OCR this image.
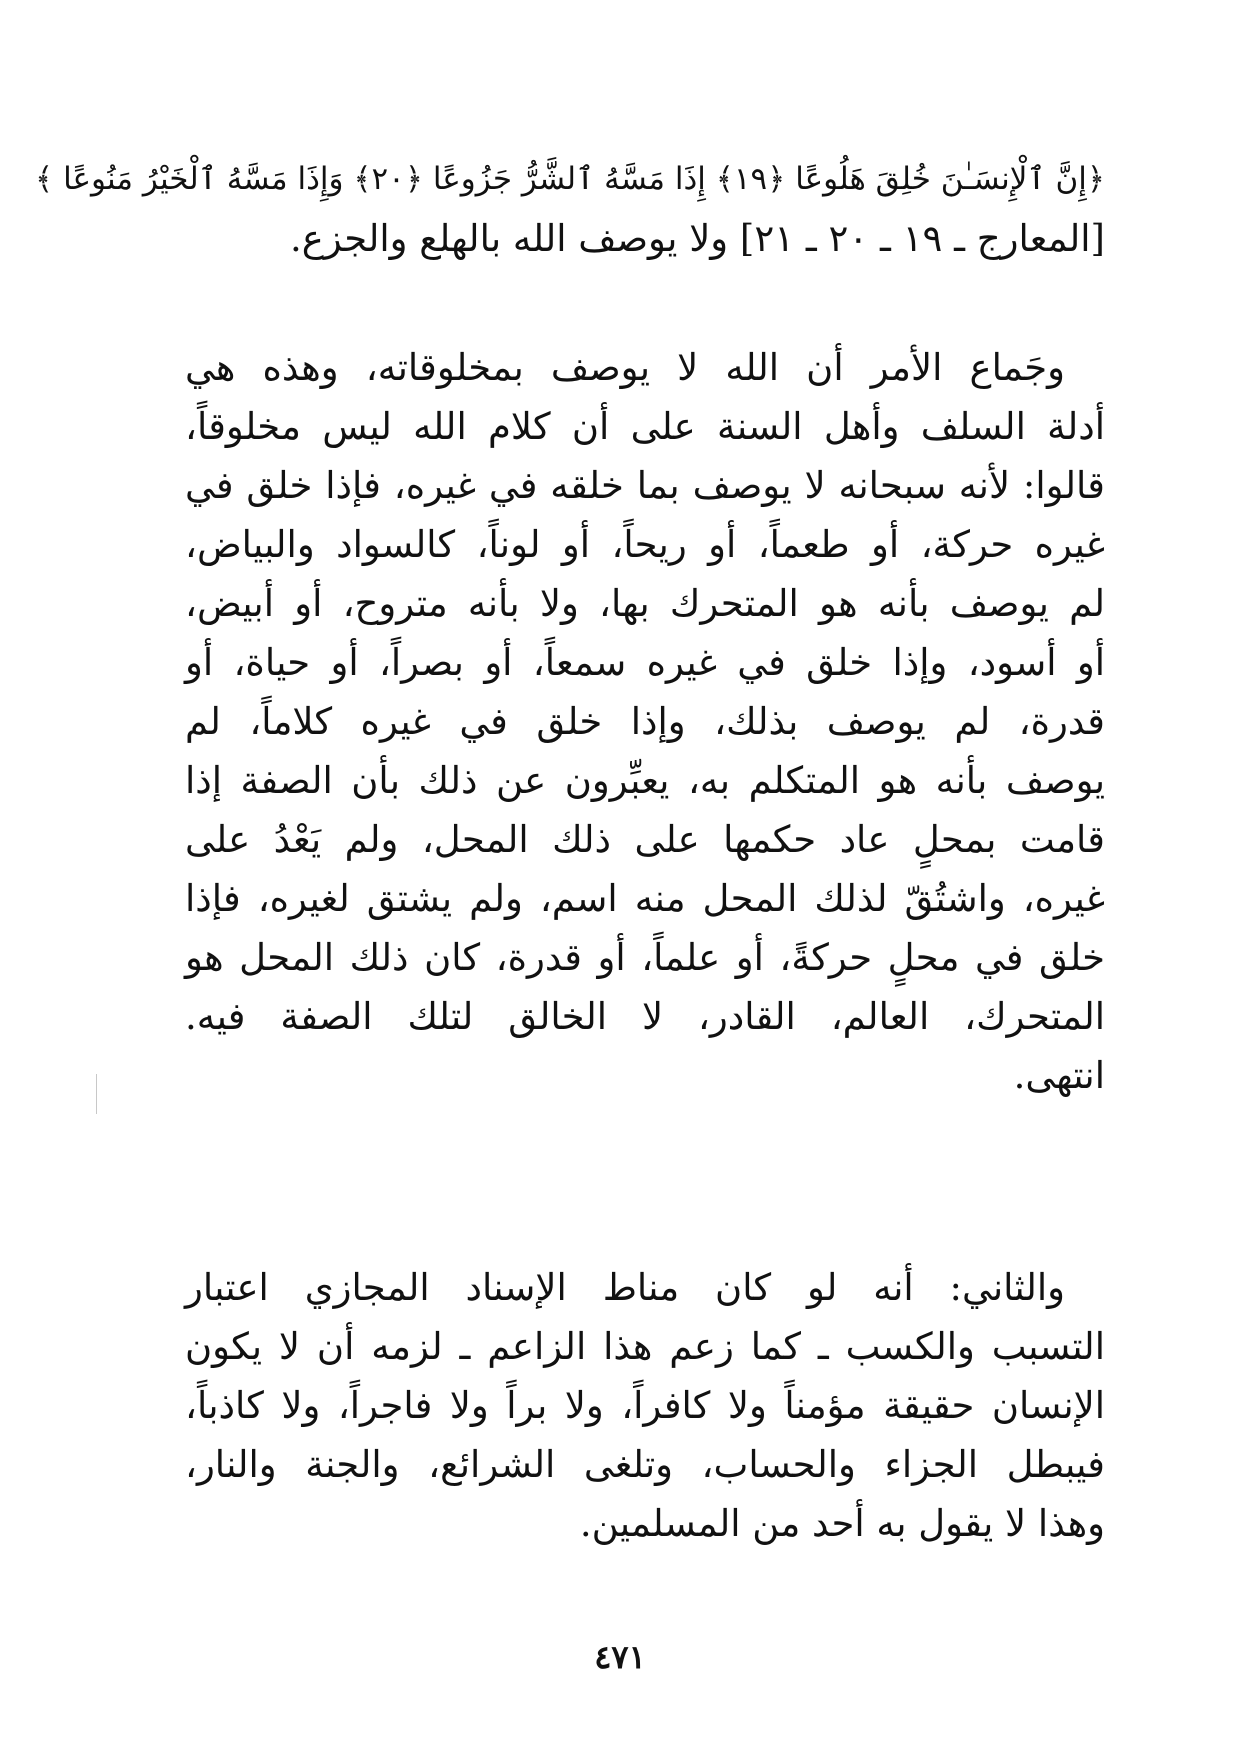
﴿إِنَّ ٱلْإِنسَـٰنَ خُلِقَ هَلُوعًا ﴿١٩﴾ إِذَا مَسَّهُ ٱلشَّرُّ جَزُوعًا ﴿٢٠﴾ وَإِذَا مَسَّهُ ٱلْخَيْرُ مَنُوعًا ﴾
[المعارج ـ ١٩ ـ ٢٠ ـ ٢١] ولا يوصف الله بالهلع والجزع.
وجَماع الأمر أن الله لا يوصف بمخلوقاته، وهذه هي
أدلة السلف وأهل السنة على أن كلام الله ليس مخلوقاً،
قالوا: لأنه سبحانه لا يوصف بما خلقه في غيره، فإذا خلق في
غيره حركة، أو طعماً، أو ريحاً، أو لوناً، كالسواد والبياض،
لم يوصف بأنه هو المتحرك بها، ولا بأنه متروح، أو أبيض،
أو أسود، وإذا خلق في غيره سمعاً، أو بصراً، أو حياة، أو
قدرة، لم يوصف بذلك، وإذا خلق في غيره كلاماً، لم
يوصف بأنه هو المتكلم به، يعبِّرون عن ذلك بأن الصفة إذا
قامت بمحلٍ عاد حكمها على ذلك المحل، ولم يَعْدُ على
غيره، واشتُقّ لذلك المحل منه اسم، ولم يشتق لغيره، فإذا
خلق في محلٍ حركةً، أو علماً، أو قدرة، كان ذلك المحل هو
المتحرك، العالم، القادر، لا الخالق لتلك الصفة فيه.
انتهى.
والثاني: أنه لو كان مناط الإسناد المجازي اعتبار
التسبب والكسب ـ كما زعم هذا الزاعم ـ لزمه أن لا يكون
الإنسان حقيقة مؤمناً ولا كافراً، ولا براً ولا فاجراً، ولا كاذباً،
فيبطل الجزاء والحساب، وتلغى الشرائع، والجنة والنار،
وهذا لا يقول به أحد من المسلمين.
٤٧١
